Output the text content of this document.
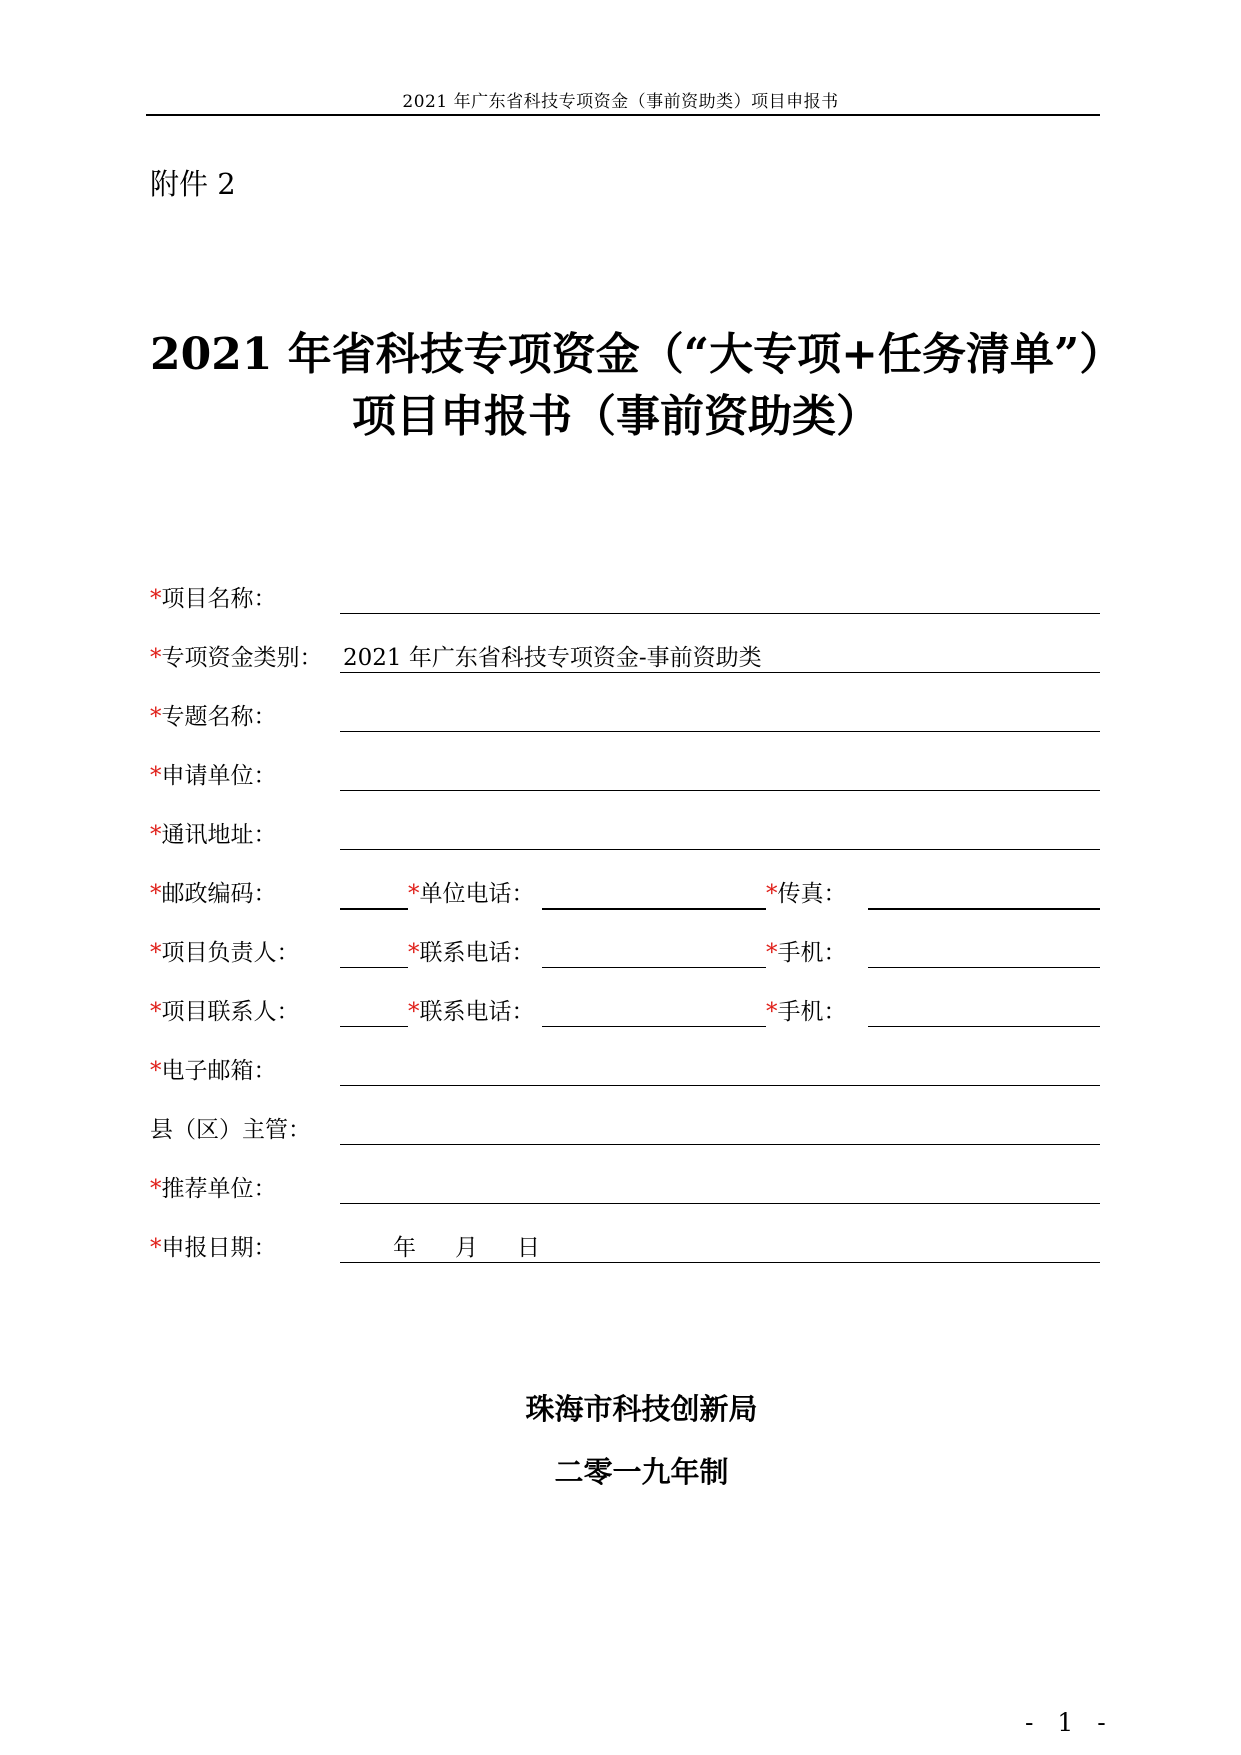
2021 年广东省科技专项资金（事前资助类）项目申报书
附件 2
2021 年省科技专项资金（“大专项+任务清单”）
项目申报书（事前资助类）
*项目名称：
*专项资金类别： 2021 年广东省科技专项资金-事前资助类
*专题名称：
*申请单位：
*通讯地址：
*邮政编码：	*单位电话：	*传真：
*项目负责人：	*联系电话：	*手机：
*项目联系人：	*联系电话：	*手机：
*电子邮箱：
县（区）主管：
*推荐单位：
*申报日期：	年 月 日
珠海市科技创新局
二零一九年制
- 1 -
